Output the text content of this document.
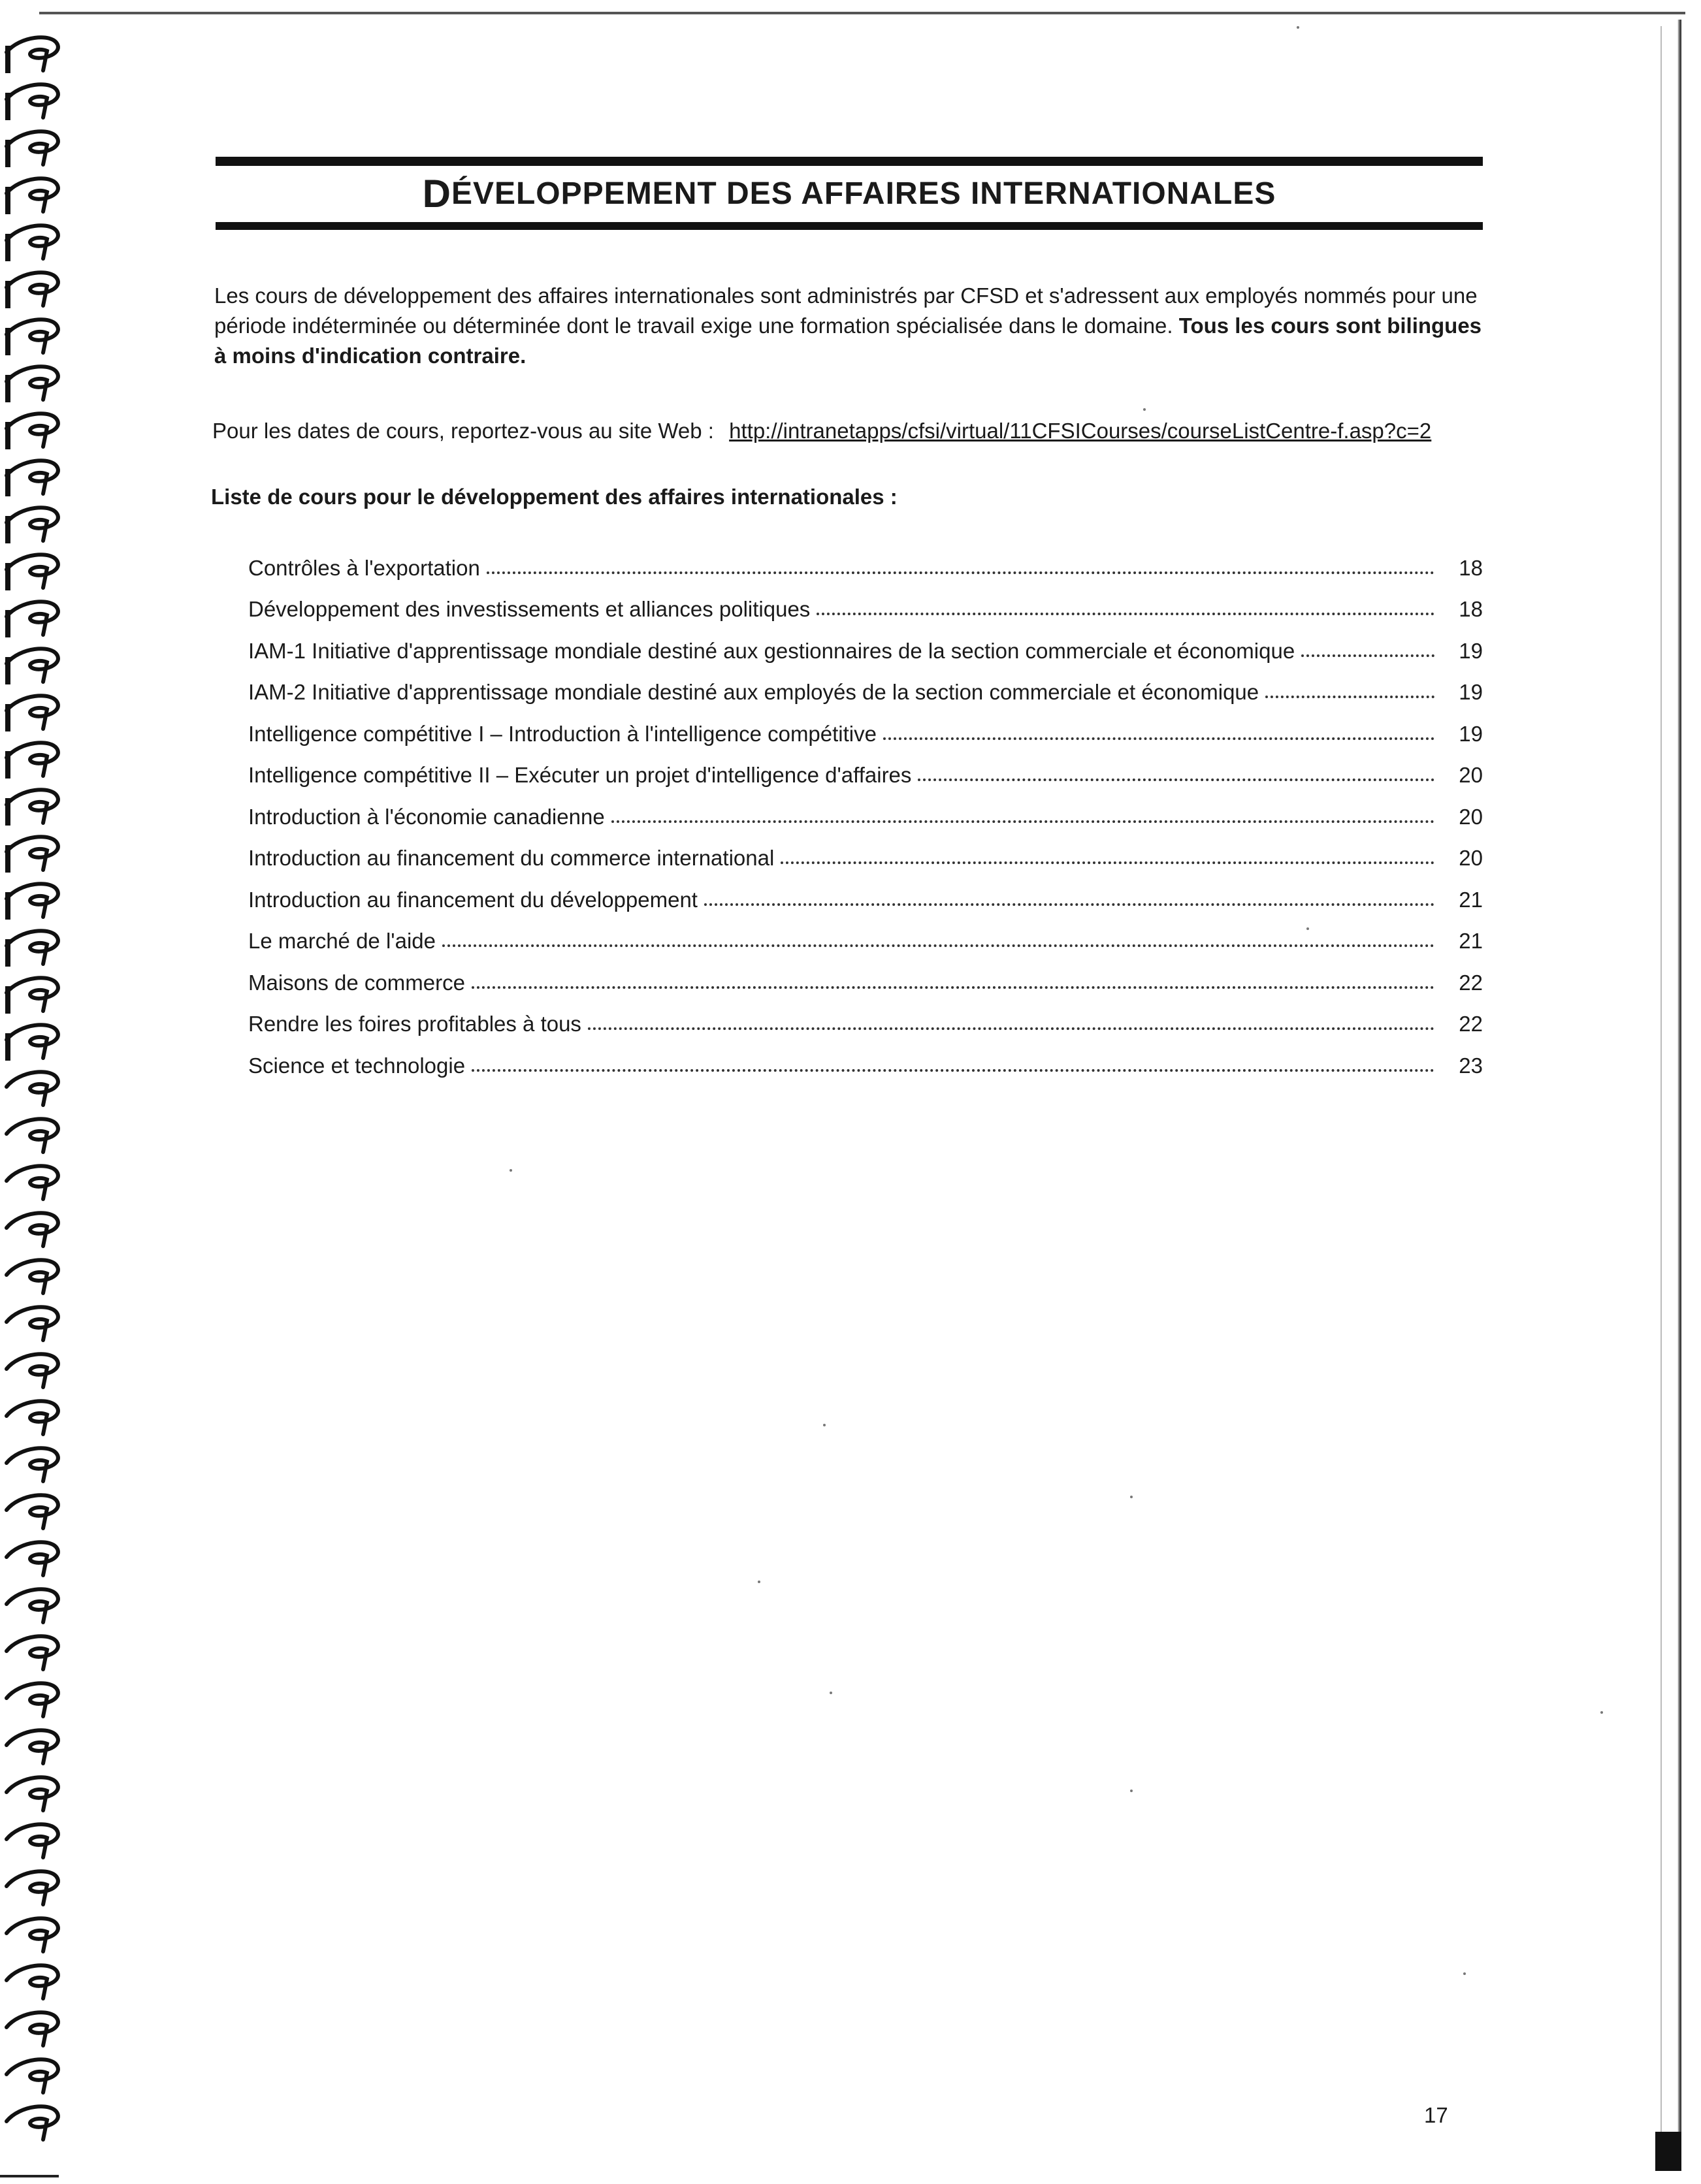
D ÉVELOPPEMENT DES AFFAIRES INTERNATIONALES
Les cours de développement des affaires internationales sont administrés par CFSD et s'adressent aux employés nommés pour une période indéterminée ou déterminée dont le travail exige une formation spécialisée dans le domaine. Tous les cours sont bilingues à moins d'indication contraire.
Pour les dates de cours, reportez-vous au site Web : http://intranetapps/cfsi/virtual/11CFSICourses/courseListCentre-f.asp?c=2
Liste de cours pour le développement des affaires internationales :
Contrôles à l'exportation	18
Développement des investissements et alliances politiques	18
IAM-1 Initiative d'apprentissage mondiale destiné aux gestionnaires de la section commerciale et économique	19
IAM-2 Initiative d'apprentissage mondiale destiné aux employés de la section commerciale et économique	19
Intelligence compétitive I – Introduction à l'intelligence compétitive	19
Intelligence compétitive II – Exécuter un projet d'intelligence d'affaires	20
Introduction à l'économie canadienne	20
Introduction au financement du commerce international	20
Introduction au financement du développement	21
Le marché de l'aide	21
Maisons de commerce	22
Rendre les foires profitables à tous	22
Science et technologie	23
17
